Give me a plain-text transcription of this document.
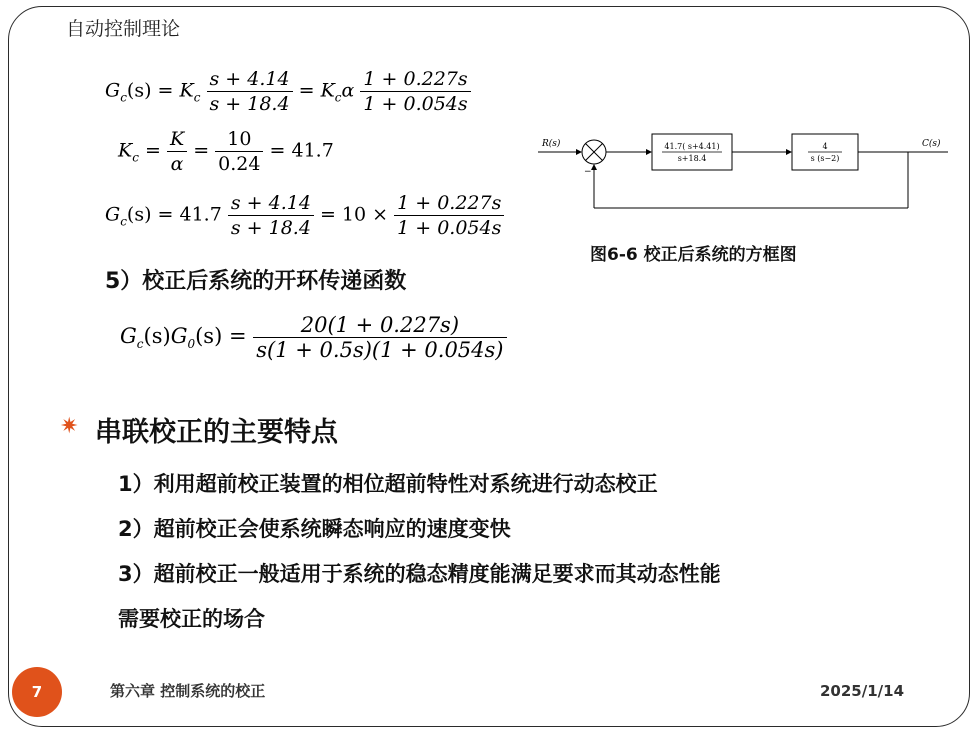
自动控制理论
$G_c(s) = K_c \frac{s + 4.14}{s + 18.4} = K_c\alpha \frac{1 + 0.227s}{1 + 0.054s}$
$K_c = \frac{K}{\alpha} = \frac{10}{0.24} = 41.7$
$G_c(s) = 41.7 \frac{s + 4.14}{s + 18.4} = 10 \times \frac{1 + 0.227s}{1 + 0.054s}$
5）校正后系统的开环传递函数
$G_c(s)G_0(s) = \frac{20(1 + 0.227s)}{s(1 + 0.5s)(1 + 0.054s)}$
R(s)
−
41.7( s+4.41)
s+18.4
4
s (s−2)
C(s)
图6-6 校正后系统的方框图
✷ 串联校正的主要特点
1）利用超前校正装置的相位超前特性对系统进行动态校正
2）超前校正会使系统瞬态响应的速度变快
3）超前校正一般适用于系统的稳态精度能满足要求而其动态性能
需要校正的场合
7	第六章 控制系统的校正	2025/1/14
